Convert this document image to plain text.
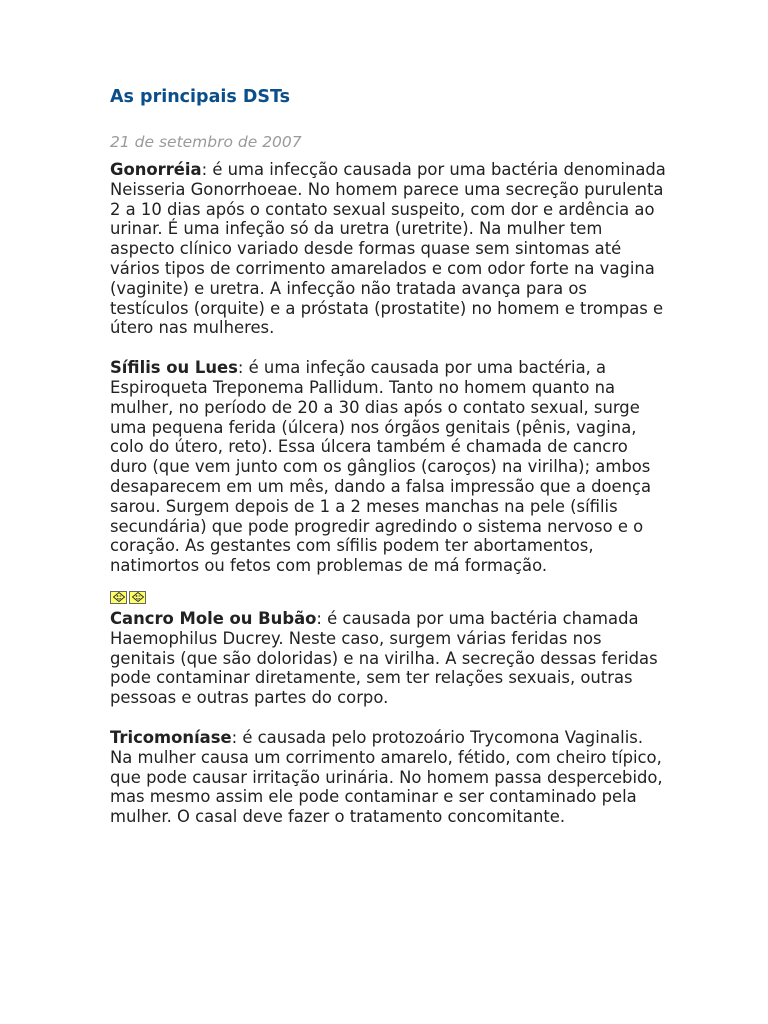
As principais DSTs

21 de setembro de 2007

Gonorréia: é uma infecção causada por uma bactéria denominada Neisseria Gonorrhoeae. No homem parece uma secreção purulenta 2 a 10 dias após o contato sexual suspeito, com dor e ardência ao urinar. É uma infeção só da uretra (uretrite). Na mulher tem aspecto clínico variado desde formas quase sem sintomas até vários tipos de corrimento amarelados e com odor forte na vagina (vaginite) e uretra. A infecção não tratada avança para os testículos (orquite) e a próstata (prostatite) no homem e trompas e útero nas mulheres.

Sífilis ou Lues: é uma infeção causada por uma bactéria, a Espiroqueta Treponema Pallidum. Tanto no homem quanto na mulher, no período de 20 a 30 dias após o contato sexual, surge uma pequena ferida (úlcera) nos órgãos genitais (pênis, vagina, colo do útero, reto). Essa úlcera também é chamada de cancro duro (que vem junto com os gânglios (caroços) na virilha); ambos desaparecem em um mês, dando a falsa impressão que a doença sarou. Surgem depois de 1 a 2 meses manchas na pele (sífilis secundária) que pode progredir agredindo o sistema nervoso e o coração. As gestantes com sífilis podem ter abortamentos, natimortos ou fetos com problemas de má formação.

Cancro Mole ou Bubão: é causada por uma bactéria chamada Haemophilus Ducrey. Neste caso, surgem várias feridas nos genitais (que são doloridas) e na virilha. A secreção dessas feridas pode contaminar diretamente, sem ter relações sexuais, outras pessoas e outras partes do corpo.

Tricomoníase: é causada pelo protozoário Trycomona Vaginalis. Na mulher causa um corrimento amarelo, fétido, com cheiro típico, que pode causar irritação urinária. No homem passa despercebido, mas mesmo assim ele pode contaminar e ser contaminado pela mulher. O casal deve fazer o tratamento concomitante.
